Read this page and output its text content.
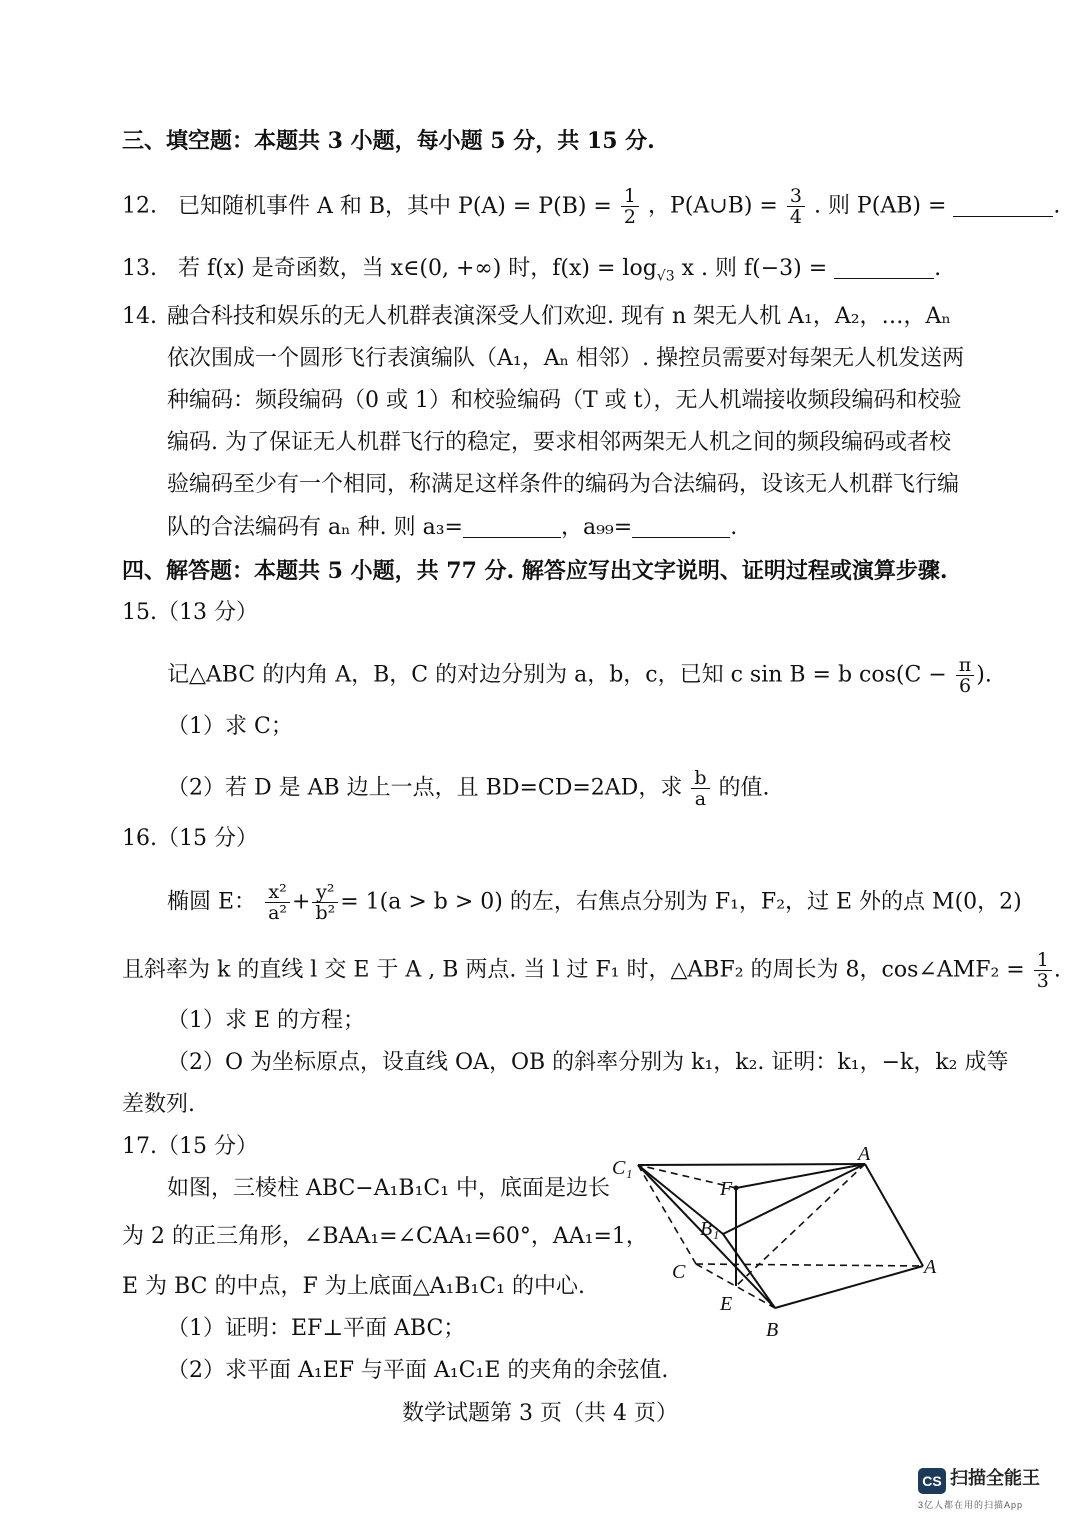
三、填空题：本题共 3 小题，每小题 5 分，共 15 分.
12. 已知随机事件 A 和 B，其中 $P(A) = P(B) = \frac{1}{2}$ ，P(A∪B) = $\frac{3}{4}$ . 则 P(AB) =	.
13. 若 f(x) 是奇函数，当 x∈(0, +∞) 时，$f(x) = \log_{√3} x$ . 则 f(−3) =	.
14. 融合科技和娱乐的无人机群表演深受人们欢迎. 现有 n 架无人机 A₁，A₂，…，Aₙ
依次围成一个圆形飞行表演编队（A₁，Aₙ 相邻）. 操控员需要对每架无人机发送两
种编码：频段编码（0 或 1）和校验编码（T 或 t），无人机端接收频段编码和校验
编码. 为了保证无人机群飞行的稳定，要求相邻两架无人机之间的频段编码或者校
验编码至少有一个相同，称满足这样条件的编码为合法编码，设该无人机群飞行编
队的合法编码有 aₙ 种. 则 a₃=	，a₉₉=	.
四、解答题：本题共 5 小题，共 77 分. 解答应写出文字说明、证明过程或演算步骤.
15.（13 分）
记△ABC 的内角 A，B，C 的对边分别为 a，b，c，已知 c sin B = b $\cos(C - \frac{\pi}{6}$ ).
（1）求 C；
（2）若 D 是 AB 边上一点，且 BD=CD=2AD，求 $\frac{b}{a}$ 的值.
16.（15 分）
椭圆 E： $\frac{\text{x²}}{\text{a²}} + \frac{\text{y²}}{\text{b²}} = 1(a > b > 0)$ 的左，右焦点分别为 F₁，F₂，过 E 外的点 M(0，2)
且斜率为 k 的直线 l 交 E 于 A , B 两点. 当 l 过 F₁ 时，△ABF₂ 的周长为 8，cos∠AMF₂ = $\frac{1}{3}$ .
（1）求 E 的方程；
（2）O 为坐标原点，设直线 OA，OB 的斜率分别为 k₁，k₂. 证明：k₁，−k，k₂ 成等
差数列.
17.（15 分）
如图，三棱柱 ABC−A₁B₁C₁ 中，底面是边长
为 2 的正三角形，∠BAA₁=∠CAA₁=60°，AA₁=1，
E 为 BC 的中点，F 为上底面△A₁B₁C₁ 的中心.
（1）证明：EF⊥平面 ABC；
（2）求平面 A₁EF 与平面 A₁C₁E 的夹角的余弦值.
C₁
A
F
B₁
C	A
E
B
数学试题第 3 页（共 4 页）
CS 扫描全能王
3亿人都在用的扫描App
